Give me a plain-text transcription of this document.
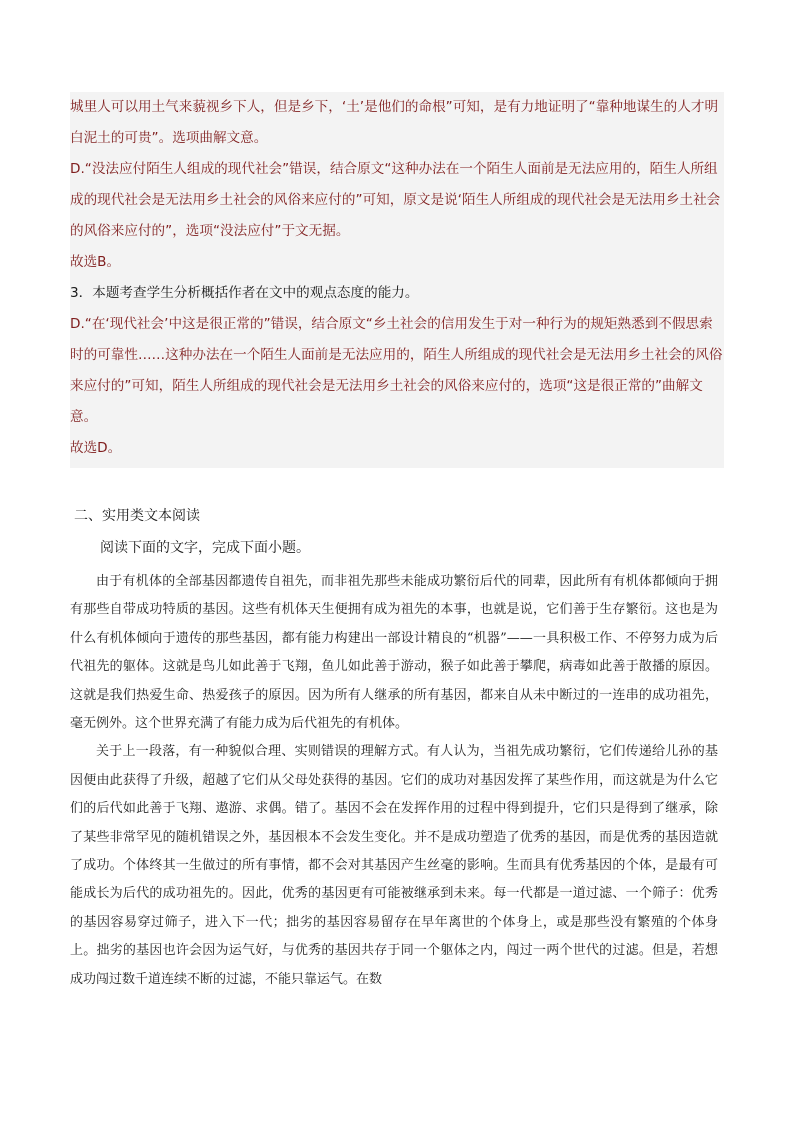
城里人可以用土气来藐视乡下人，但是乡下，‘土’是他们的命根”可知，是有力地证明了“靠种地谋生的人才明白泥土的可贵”。选项曲解文意。

D.“没法应付陌生人组成的现代社会”错误，结合原文“这种办法在一个陌生人面前是无法应用的，陌生人所组成的现代社会是无法用乡土社会的风俗来应付的”可知，原文是说‘陌生人所组成的现代社会是无法用乡土社会的风俗来应付的”，选项“没法应付”于文无据。

故选B。

3．本题考查学生分析概括作者在文中的观点态度的能力。

D.“在‘现代社会’中这是很正常的”错误，结合原文“乡土社会的信用发生于对一种行为的规矩熟悉到不假思索时的可靠性……这种办法在一个陌生人面前是无法应用的，陌生人所组成的现代社会是无法用乡土社会的风俗来应付的”可知，陌生人所组成的现代社会是无法用乡土社会的风俗来应付的，选项“这是很正常的”曲解文意。

故选D。

二、实用类文本阅读
阅读下面的文字，完成下面小题。

由于有机体的全部基因都遗传自祖先，而非祖先那些未能成功繁衍后代的同辈，因此所有有机体都倾向于拥有那些自带成功特质的基因。这些有机体天生便拥有成为祖先的本事，也就是说，它们善于生存繁衍。这也是为什么有机体倾向于遗传的那些基因，都有能力构建出一部设计精良的“机器”——一具积极工作、不停努力成为后代祖先的躯体。这就是鸟儿如此善于飞翔，鱼儿如此善于游动，猴子如此善于攀爬，病毒如此善于散播的原因。这就是我们热爱生命、热爱孩子的原因。因为所有人继承的所有基因，都来自从未中断过的一连串的成功祖先，毫无例外。这个世界充满了有能力成为后代祖先的有机体。

关于上一段落，有一种貌似合理、实则错误的理解方式。有人认为，当祖先成功繁衍，它们传递给儿孙的基因便由此获得了升级，超越了它们从父母处获得的基因。它们的成功对基因发挥了某些作用，而这就是为什么它们的后代如此善于飞翔、遨游、求偶。错了。基因不会在发挥作用的过程中得到提升，它们只是得到了继承，除了某些非常罕见的随机错误之外，基因根本不会发生变化。并不是成功塑造了优秀的基因，而是优秀的基因造就了成功。个体终其一生做过的所有事情，都不会对其基因产生丝毫的影响。生而具有优秀基因的个体，是最有可能成长为后代的成功祖先的。因此，优秀的基因更有可能被继承到未来。每一代都是一道过滤、一个筛子：优秀的基因容易穿过筛子，进入下一代；拙劣的基因容易留存在早年离世的个体身上，或是那些没有繁殖的个体身上。拙劣的基因也许会因为运气好，与优秀的基因共存于同一个躯体之内，闯过一两个世代的过滤。但是，若想成功闯过数千道连续不断的过滤，不能只靠运气。在数
